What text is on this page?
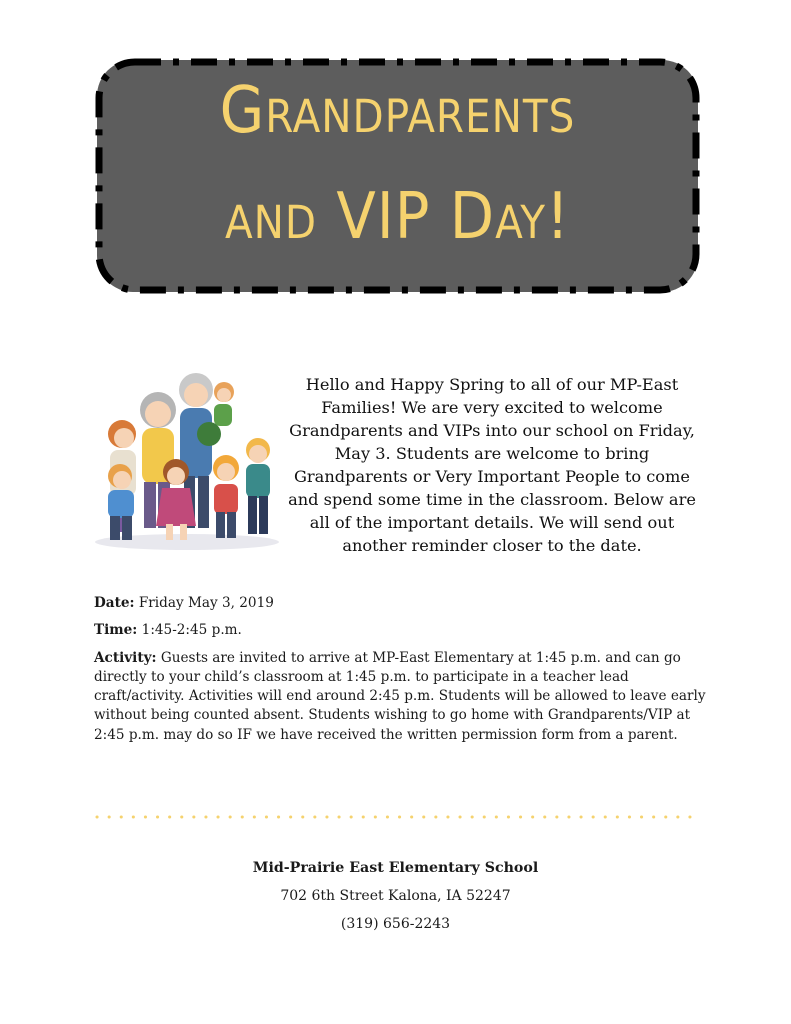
Grandparents
and VIP Day!
Hello and Happy Spring to all of our MP-East Families! We are very excited to welcome Grandparents and VIPs into our school on Friday, May 3. Students are welcome to bring Grandparents or Very Important People to come and spend some time in the classroom. Below are all of the important details. We will send out another reminder closer to the date.

Date: Friday May 3, 2019

Time: 1:45-2:45 p.m.

Activity: Guests are invited to arrive at MP-East Elementary at 1:45 p.m. and can go directly to your child’s classroom at 1:45 p.m. to participate in a teacher lead craft/activity. Activities will end around 2:45 p.m. Students will be allowed to leave early without being counted absent. Students wishing to go home with Grandparents/VIP at 2:45 p.m. may do so IF we have received the written permission form from a parent.

Mid-Prairie East Elementary School
702 6th Street Kalona, IA 52247
(319) 656-2243
